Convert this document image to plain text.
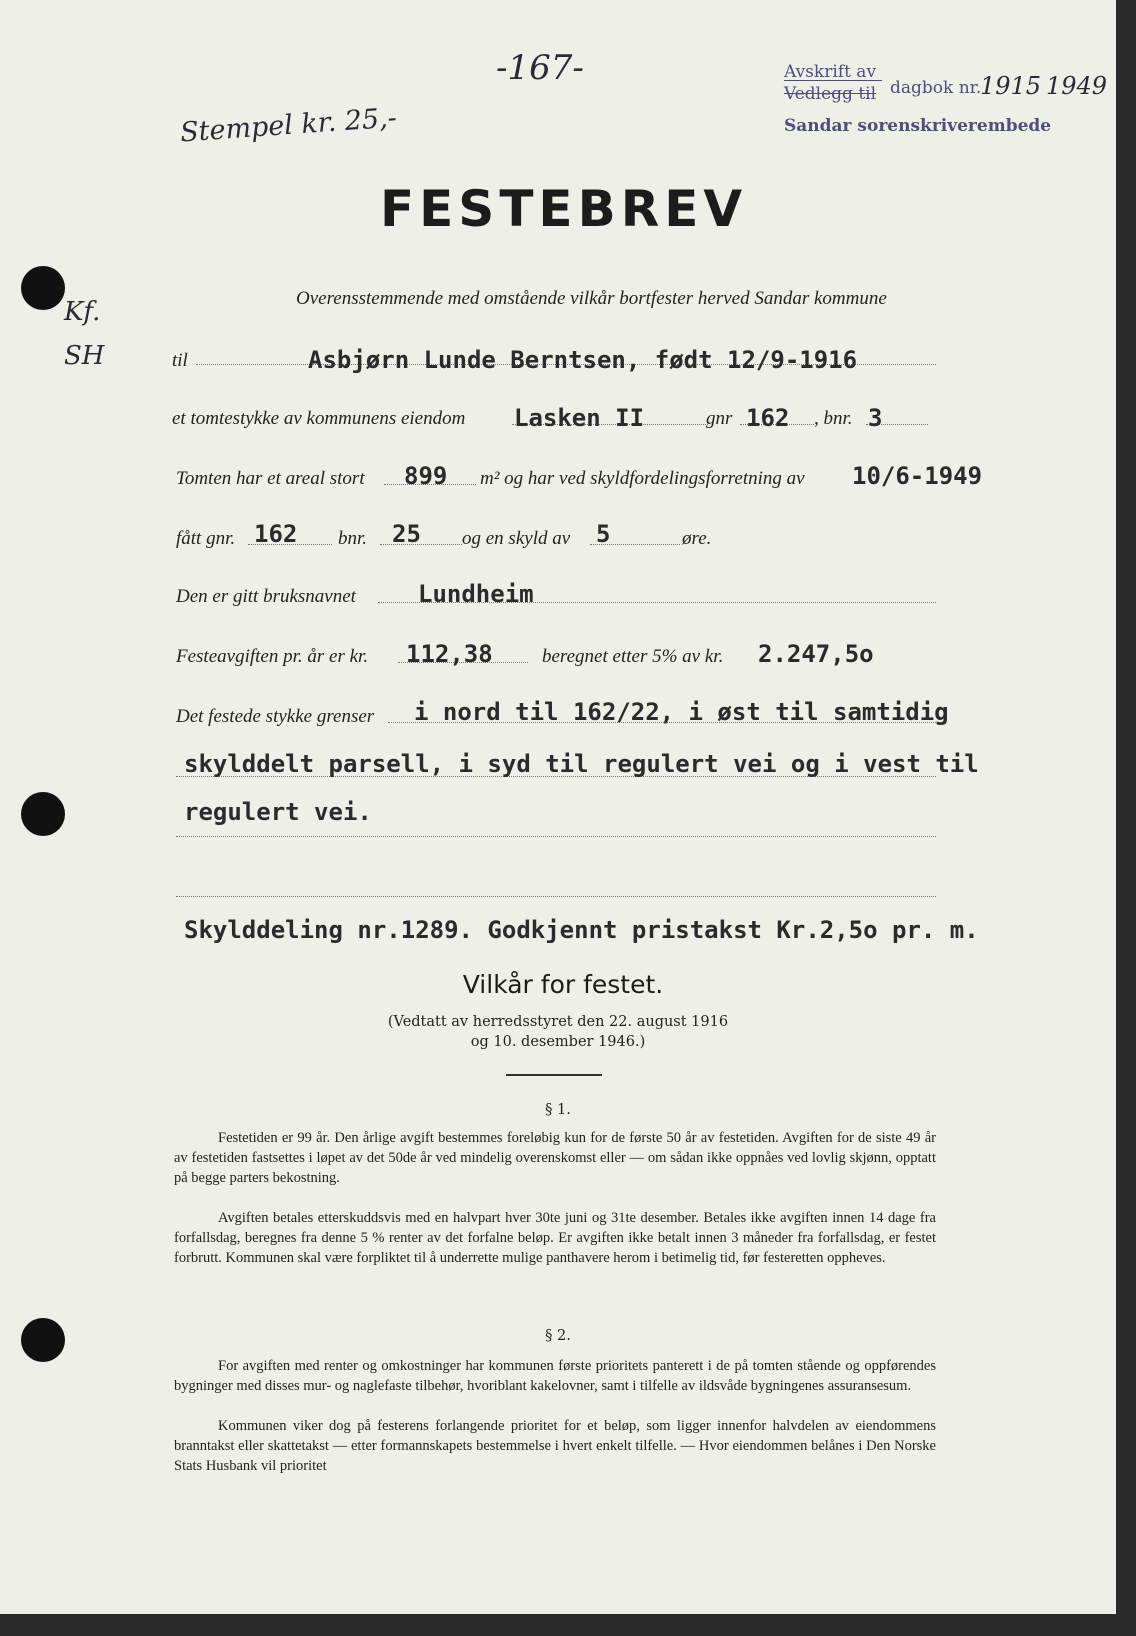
-167-
Stempel kr. 25,-
Kf. SH
Avskrift av
Vedlegg til dagbok nr.
1915 1949
Sandar sorenskriverembede
FESTEBREV
Overensstemmende med omstående vilkår bortfester herved Sandar kommune
til	Asbjørn Lunde Berntsen, født 12/9-1916
et tomtestykke av kommunens eiendom Lasken II	gnr 162 , bnr. 3
Tomten har et areal stort 899 m² og har ved skyldfordelingsforretning av 10/6-1949
fått gnr. 162 bnr. 25 og en skyld av 5	øre.
Den er gitt bruksnavnet	Lundheim
Festeavgiften pr. år er kr. 112,38	beregnet etter 5% av kr. 2.247,5o
Det festede stykke grenser i nord til 162/22, i øst til samtidig
skylddelt parsell, i syd til regulert vei og i vest til
regulert vei.
Skylddeling nr.1289. Godkjennt pristakst Kr.2,5o pr. m.
Vilkår for festet.
(Vedtatt av herredsstyret den 22. august 1916
og 10. desember 1946.)
§ 1.
Festetiden er 99 år. Den årlige avgift bestemmes foreløbig kun for de første 50 år av festetiden. Avgiften for de siste 49 år av festetiden fastsettes i løpet av det 50de år ved mindelig overenskomst eller — om sådan ikke oppnåes ved lovlig skjønn, opptatt på begge parters bekostning.
Avgiften betales etterskuddsvis med en halvpart hver 30te juni og 31te desember. Betales ikke avgiften innen 14 dage fra forfallsdag, beregnes fra denne 5 % renter av det forfalne beløp. Er avgiften ikke betalt innen 3 måneder fra forfallsdag, er festet forbrutt. Kommunen skal være forpliktet til å underrette mulige panthavere herom i betimelig tid, før festeretten oppheves.
§ 2.
For avgiften med renter og omkostninger har kommunen første prioritets panterett i de på tomten stående og oppførendes bygninger med disses mur- og naglefaste tilbehør, hvoriblant kakelovner, samt i tilfelle av ildsvåde bygningenes assuransesum.
Kommunen viker dog på festerens forlangende prioritet for et beløp, som ligger innenfor halvdelen av eiendommens branntakst eller skattetakst — etter formannskapets bestemmelse i hvert enkelt tilfelle. — Hvor eiendommen belånes i Den Norske Stats Husbank vil prioritet
